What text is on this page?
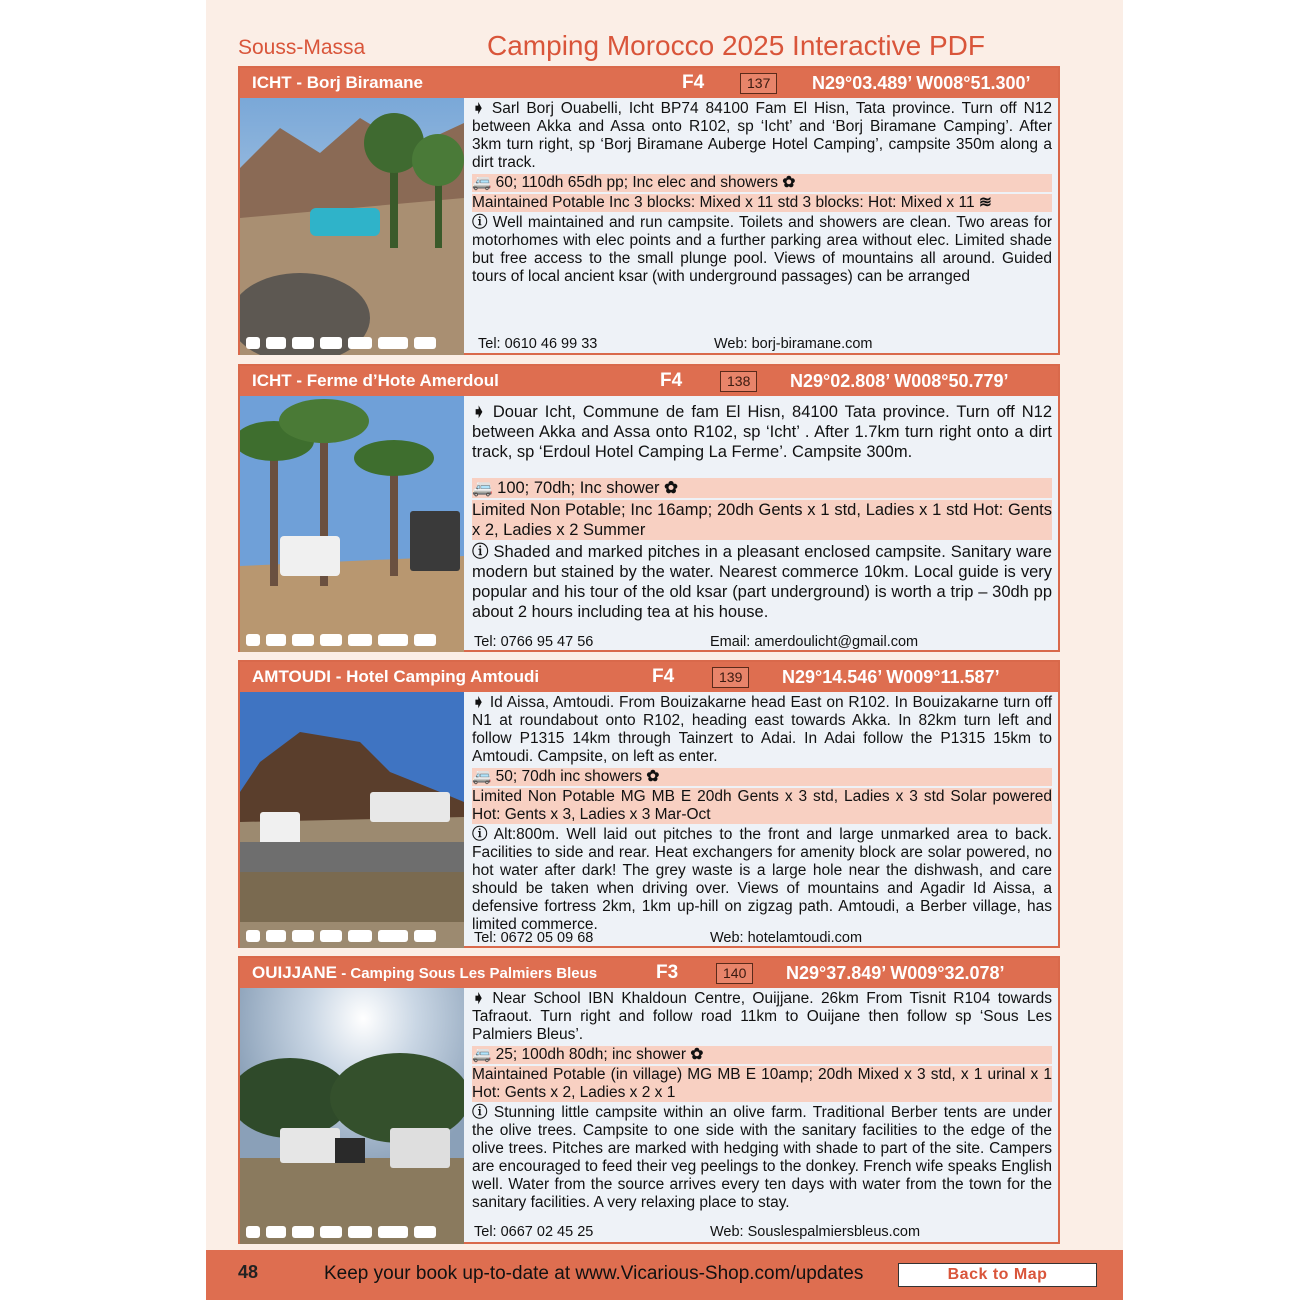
Souss-Massa	Camping Morocco 2025 Interactive PDF
ICHT - Borj Biramane	F4	137	N29°03.489’ W008°51.300’
➧ Sarl Borj Ouabelli, Icht BP74 84100 Fam El Hisn, Tata province. Turn off N12 between Akka and Assa onto R102, sp ‘Icht’ and ‘Borj Biramane Camping’. After 3km turn right, sp ‘Borj Biramane Auberge Hotel Camping’, campsite 350m along a dirt track.
🚐 60; 110dh 65dh pp; Inc elec and showers ✿
Maintained Potable Inc 3 blocks: Mixed x 11 std 3 blocks: Hot: Mixed x 11 ≋
ⓘ Well maintained and run campsite. Toilets and showers are clean. Two areas for motorhomes with elec points and a further parking area without elec. Limited shade but free access to the small plunge pool. Views of mountains all around. Guided tours of local ancient ksar (with underground passages) can be arranged
Tel: 0610 46 99 33	Web: borj-biramane.com
ICHT - Ferme d’Hote Amerdoul	F4	138	N29°02.808’ W008°50.779’
➧ Douar Icht, Commune de fam El Hisn, 84100 Tata province. Turn off N12 between Akka and Assa onto R102, sp ‘Icht’ . After 1.7km turn right onto a dirt track, sp ‘Erdoul Hotel Camping La Ferme’. Campsite 300m.
🚐 100; 70dh; Inc shower ✿
Limited Non Potable; Inc 16amp; 20dh Gents x 1 std, Ladies x 1 std Hot: Gents x 2, Ladies x 2 Summer
ⓘ Shaded and marked pitches in a pleasant enclosed campsite. Sanitary ware modern but stained by the water. Nearest commerce 10km. Local guide is very popular and his tour of the old ksar (part underground) is worth a trip – 30dh pp about 2 hours including tea at his house.
Tel: 0766 95 47 56	Email: amerdoulicht@gmail.com
AMTOUDI - Hotel Camping Amtoudi	F4	139	N29°14.546’ W009°11.587’
➧ Id Aissa, Amtoudi. From Bouizakarne head East on R102. In Bouizakarne turn off N1 at roundabout onto R102, heading east towards Akka. In 82km turn left and follow P1315 14km through Tainzert to Adai. In Adai follow the P1315 15km to Amtoudi. Campsite, on left as enter.
🚐 50; 70dh inc showers ✿
Limited Non Potable MG MB E 20dh Gents x 3 std, Ladies x 3 std Solar powered Hot: Gents x 3, Ladies x 3 Mar-Oct
ⓘ Alt:800m. Well laid out pitches to the front and large unmarked area to back. Facilities to side and rear. Heat exchangers for amenity block are solar powered, no hot water after dark! The grey waste is a large hole near the dishwash, and care should be taken when driving over. Views of mountains and Agadir Id Aissa, a defensive fortress 2km, 1km up-hill on zigzag path. Amtoudi, a Berber village, has limited commerce.
Tel: 0672 05 09 68	Web: hotelamtoudi.com
OUIJJANE - Camping Sous Les Palmiers Bleus	F3	140	N29°37.849’ W009°32.078’
➧ Near School IBN Khaldoun Centre, Ouijjane. 26km From Tisnit R104 towards Tafraout. Turn right and follow road 11km to Ouijane then follow sp ‘Sous Les Palmiers Bleus’.
🚐 25; 100dh 80dh; inc shower ✿
Maintained Potable (in village) MG MB E 10amp; 20dh Mixed x 3 std, x 1 urinal x 1 Hot: Gents x 2, Ladies x 2 x 1
ⓘ Stunning little campsite within an olive farm. Traditional Berber tents are under the olive trees. Campsite to one side with the sanitary facilities to the edge of the olive trees. Pitches are marked with hedging with shade to part of the site. Campers are encouraged to feed their veg peelings to the donkey. French wife speaks English well. Water from the source arrives every ten days with water from the town for the sanitary facilities. A very relaxing place to stay.
Tel: 0667 02 45 25	Web: Souslespalmiersbleus.com
48	Keep your book up-to-date at www.Vicarious-Shop.com/updates	Back to Map
